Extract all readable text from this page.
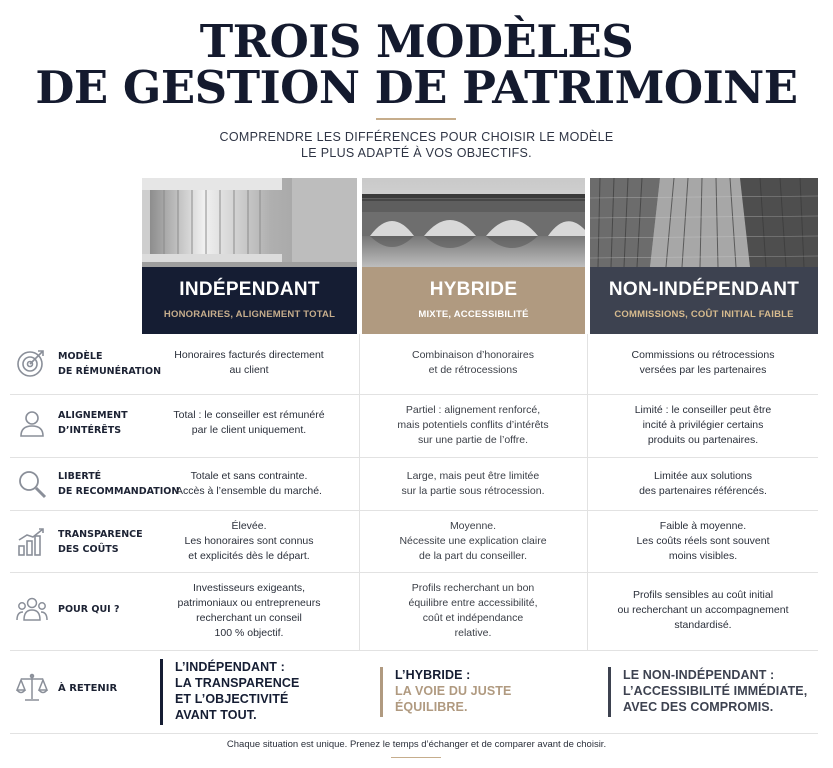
TROIS MODÈLES
DE GESTION DE PATRIMOINE
COMPRENDRE LES DIFFÉRENCES POUR CHOISIR LE MODÈLE
LE PLUS ADAPTÉ À VOS OBJECTIFS.
INDÉPENDANT
HONORAIRES, ALIGNEMENT TOTAL
HYBRIDE
MIXTE, ACCESSIBILITÉ
NON-INDÉPENDANT
COMMISSIONS, COÛT INITIAL FAIBLE
MODÈLE
DE RÉMUNÉRATION
Honoraires facturés directement
au client
Combinaison d’honoraires
et de rétrocessions
Commissions ou rétrocessions
versées par les partenaires
ALIGNEMENT
D’INTÉRÊTS
Total : le conseiller est rémunéré
par le client uniquement.
Partiel : alignement renforcé,
mais potentiels conflits d’intérêts
sur une partie de l’offre.
Limité : le conseiller peut être
incité à privilégier certains
produits ou partenaires.
LIBERTÉ
DE RECOMMANDATION
Totale et sans contrainte.
Accès à l’ensemble du marché.
Large, mais peut être limitée
sur la partie sous rétrocession.
Limitée aux solutions
des partenaires référencés.
TRANSPARENCE
DES COÛTS
Élevée.
Les honoraires sont connus
et explicités dès le départ.
Moyenne.
Nécessite une explication claire
de la part du conseiller.
Faible à moyenne.
Les coûts réels sont souvent
moins visibles.
POUR QUI ?
Investisseurs exigeants,
patrimoniaux ou entrepreneurs
recherchant un conseil
100 % objectif.
Profils recherchant un bon
équilibre entre accessibilité,
coût et indépendance
relative.
Profils sensibles au coût initial
ou recherchant un accompagnement
standardisé.
À RETENIR
L’INDÉPENDANT :
LA TRANSPARENCE
ET L’OBJECTIVITÉ
AVANT TOUT.
L’HYBRIDE :
LA VOIE DU JUSTE
ÉQUILIBRE.
LE NON-INDÉPENDANT :
L’ACCESSIBILITÉ IMMÉDIATE,
AVEC DES COMPROMIS.
Chaque situation est unique. Prenez le temps d’échanger et de comparer avant de choisir.
